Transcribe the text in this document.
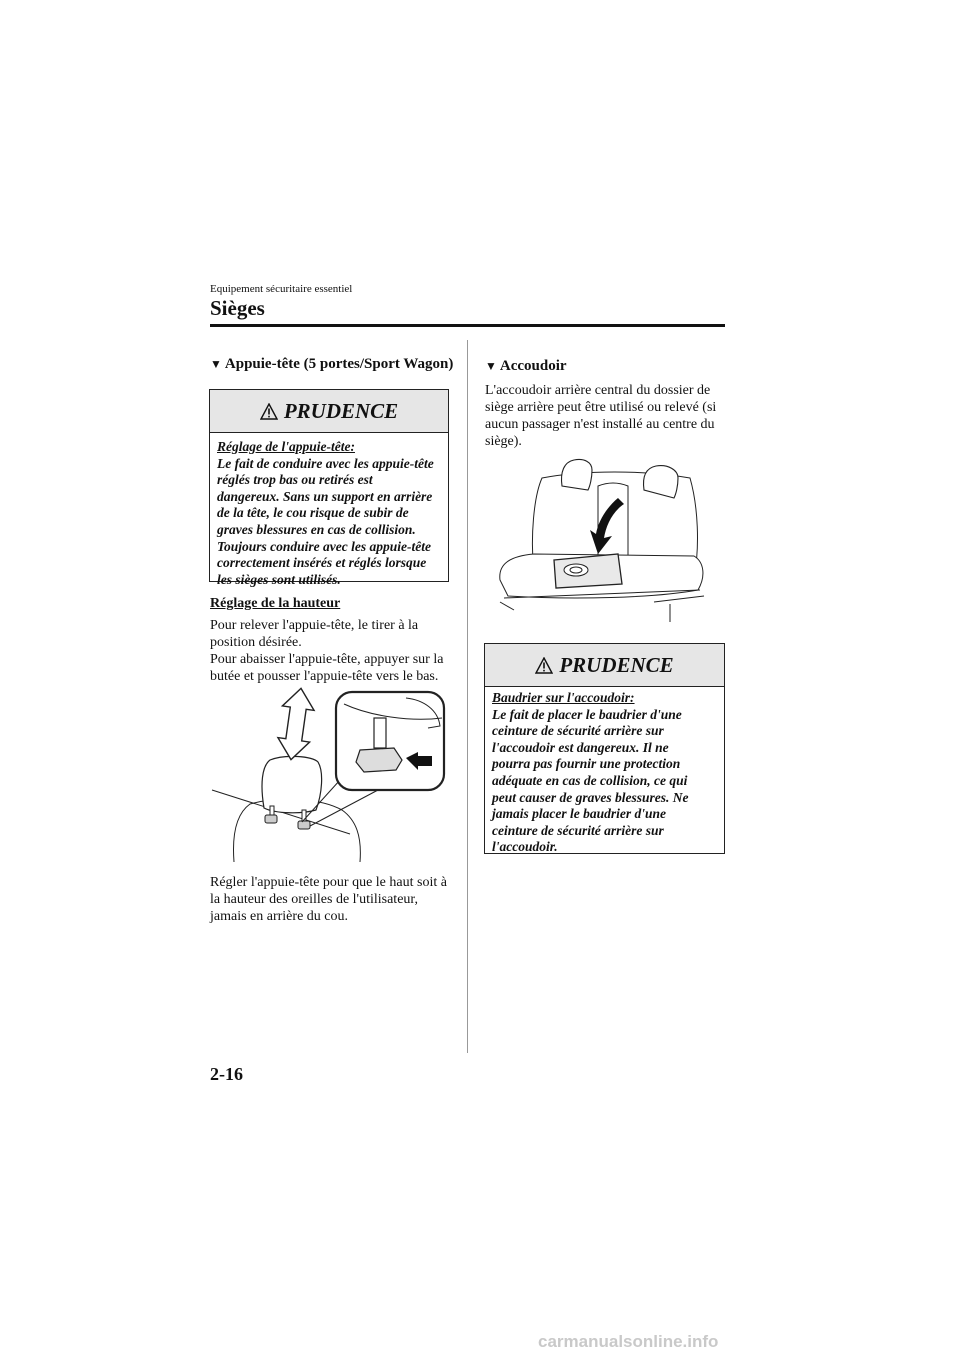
Equipement sécuritaire essentiel
Sièges
▼ Appuie-tête (5 portes/Sport Wagon)
PRUDENCE
Réglage de l'appuie-tête:
Le fait de conduire avec les appuie-tête
réglés trop bas ou retirés est
dangereux. Sans un support en arrière
de la tête, le cou risque de subir de
graves blessures en cas de collision.
Toujours conduire avec les appuie-tête
correctement insérés et réglés lorsque
les sièges sont utilisés.
Réglage de la hauteur
Pour relever l'appuie-tête, le tirer à la
position désirée.
Pour abaisser l'appuie-tête, appuyer sur la
butée et pousser l'appuie-tête vers le bas.
Régler l'appuie-tête pour que le haut soit à
la hauteur des oreilles de l'utilisateur,
jamais en arrière du cou.
▼ Accoudoir
L'accoudoir arrière central du dossier de
siège arrière peut être utilisé ou relevé (si
aucun passager n'est installé au centre du
siège).
PRUDENCE
Baudrier sur l'accoudoir:
Le fait de placer le baudrier d'une
ceinture de sécurité arrière sur
l'accoudoir est dangereux. Il ne
pourra pas fournir une protection
adéquate en cas de collision, ce qui
peut causer de graves blessures. Ne
jamais placer le baudrier d'une
ceinture de sécurité arrière sur
l'accoudoir.
2-16
carmanualsonline.info
